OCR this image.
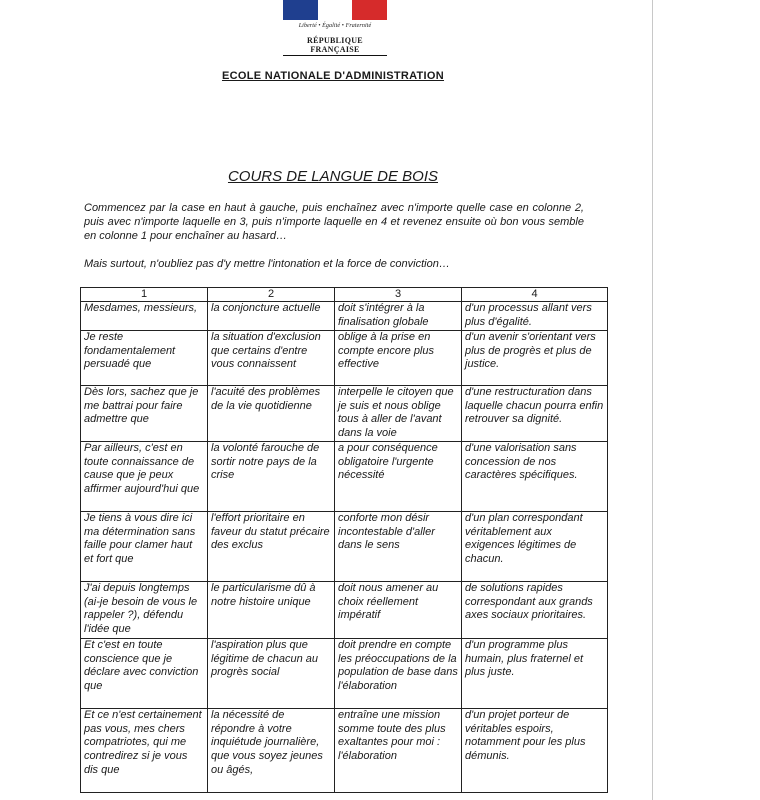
Liberté • Égalité • Fraternité
RÉPUBLIQUE FRANÇAISE
ECOLE NATIONALE D'ADMINISTRATION
COURS DE LANGUE DE BOIS

Commencez par la case en haut à gauche, puis enchaînez avec n'importe quelle case en colonne 2, puis avec n'importe laquelle en 3, puis n'importe laquelle en 4 et revenez ensuite où bon vous semble en colonne 1 pour enchaîner au hasard…

Mais surtout, n'oubliez pas d'y mettre l'intonation et la force de conviction…

1	2	3	4
Mesdames, messieurs,	la conjoncture actuelle	doit s'intégrer à la finalisation globale	d'un processus allant vers plus d'égalité.
Je reste fondamentalement persuadé que	la situation d'exclusion que certains d'entre vous connaissent	oblige à la prise en compte encore plus effective	d'un avenir s'orientant vers plus de progrès et plus de justice.
Dès lors, sachez que je me battrai pour faire admettre que	l'acuité des problèmes de la vie quotidienne	interpelle le citoyen que je suis et nous oblige tous à aller de l'avant dans la voie	d'une restructuration dans laquelle chacun pourra enfin retrouver sa dignité.
Par ailleurs, c'est en toute connaissance de cause que je peux affirmer aujourd'hui que	la volonté farouche de sortir notre pays de la crise	a pour conséquence obligatoire l'urgente nécessité	d'une valorisation sans concession de nos caractères spécifiques.
Je tiens à vous dire ici ma détermination sans faille pour clamer haut et fort que	l'effort prioritaire en faveur du statut précaire des exclus	conforte mon désir incontestable d'aller dans le sens	d'un plan correspondant véritablement aux exigences légitimes de chacun.
J'ai depuis longtemps (ai-je besoin de vous le rappeler ?), défendu l'idée que	le particularisme dû à notre histoire unique	doit nous amener au choix réellement impératif	de solutions rapides correspondant aux grands axes sociaux prioritaires.
Et c'est en toute conscience que je déclare avec conviction que	l'aspiration plus que légitime de chacun au progrès social	doit prendre en compte les préoccupations de la population de base dans l'élaboration	d'un programme plus humain, plus fraternel et plus juste.
Et ce n'est certainement pas vous, mes chers compatriotes, qui me contredirez si je vous dis que	la nécessité de répondre à votre inquiétude journalière, que vous soyez jeunes ou âgés,	entraîne une mission somme toute des plus exaltantes pour moi : l'élaboration	d'un projet porteur de véritables espoirs, notamment pour les plus démunis.
